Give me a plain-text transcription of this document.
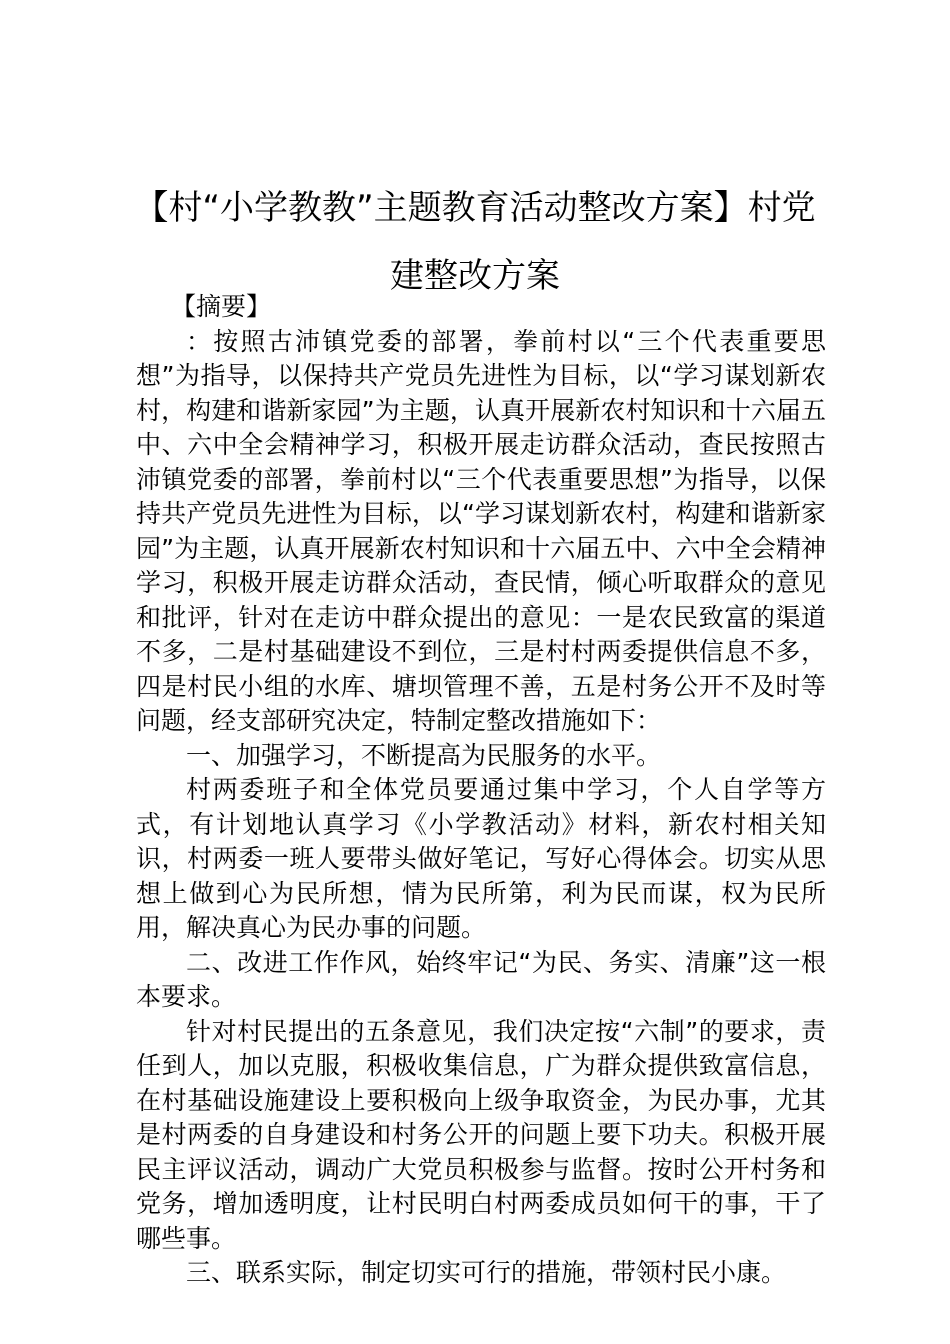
【村“小学教教”主题教育活动整改方案】村党建整改方案

【摘要】

：按照古沛镇党委的部署，拳前村以“三个代表重要思想”为指导，以保持共产党员先进性为目标，以“学习谋划新农村，构建和谐新家园”为主题，认真开展新农村知识和十六届五中、六中全会精神学习，积极开展走访群众活动，查民按照古沛镇党委的部署，拳前村以“三个代表重要思想”为指导，以保持共产党员先进性为目标，以“学习谋划新农村，构建和谐新家园”为主题，认真开展新农村知识和十六届五中、六中全会精神学习，积极开展走访群众活动，查民情，倾心听取群众的意见和批评，针对在走访中群众提出的意见：一是农民致富的渠道不多，二是村基础建设不到位，三是村村两委提供信息不多，四是村民小组的水库、塘坝管理不善，五是村务公开不及时等问题，经支部研究决定，特制定整改措施如下：

一、加强学习，不断提高为民服务的水平。

村两委班子和全体党员要通过集中学习，个人自学等方式，有计划地认真学习《小学教活动》材料，新农村相关知识，村两委一班人要带头做好笔记，写好心得体会。切实从思想上做到心为民所想，情为民所第，利为民而谋，权为民所用，解决真心为民办事的问题。

二、改进工作作风，始终牢记“为民、务实、清廉”这一根本要求。

针对村民提出的五条意见，我们决定按“六制”的要求，责任到人，加以克服，积极收集信息，广为群众提供致富信息，在村基础设施建设上要积极向上级争取资金，为民办事，尤其是村两委的自身建设和村务公开的问题上要下功夫。积极开展民主评议活动，调动广大党员积极参与监督。按时公开村务和党务，增加透明度，让村民明白村两委成员如何干的事，干了哪些事。

三、联系实际，制定切实可行的措施，带领村民小康。
